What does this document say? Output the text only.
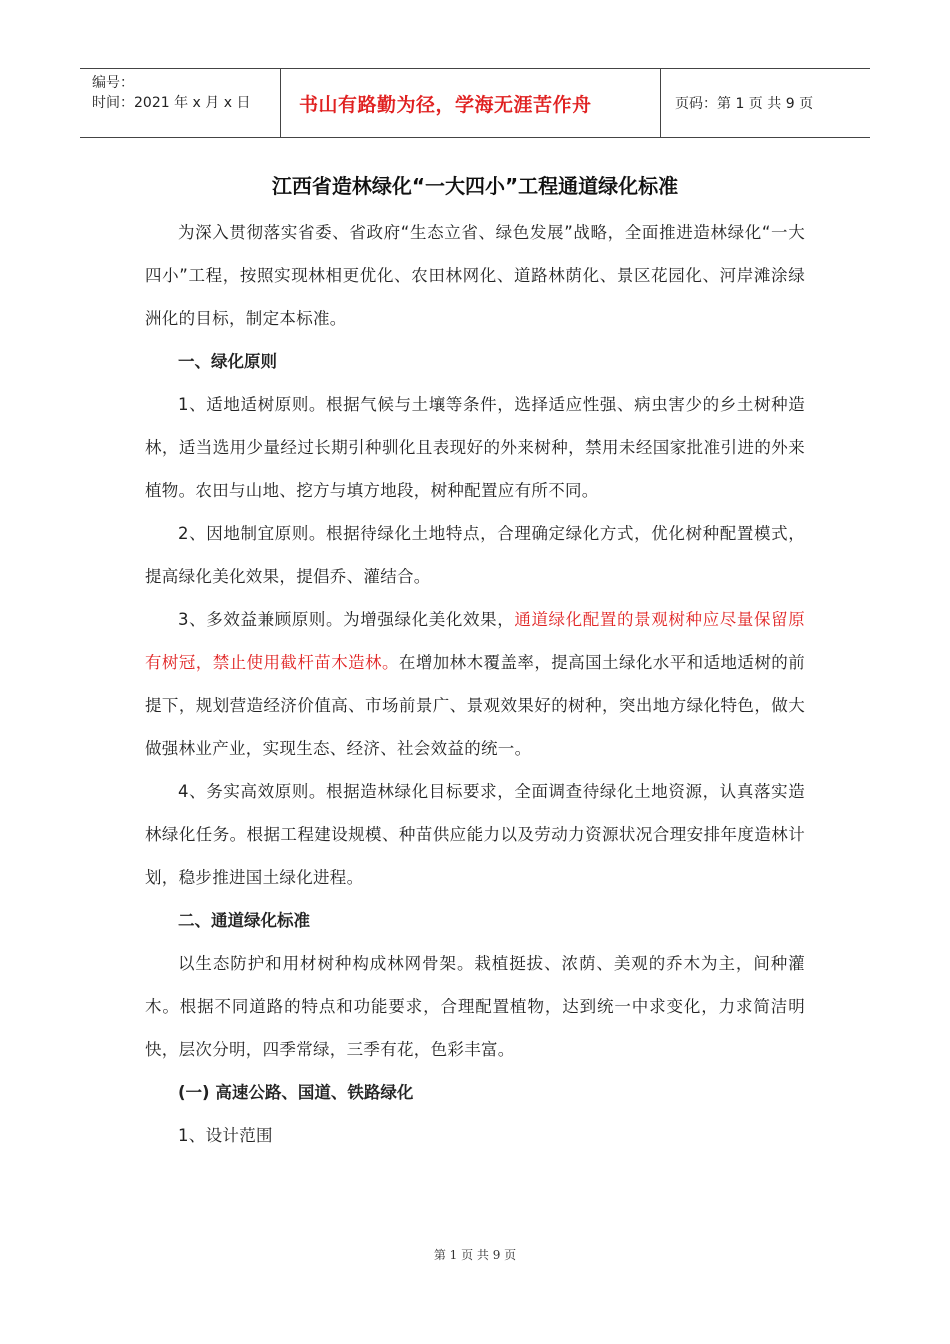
编号：
时间：2021 年 x 月 x 日	书山有路勤为径，学海无涯苦作舟	页码：第 1 页 共 9 页
江西省造林绿化“一大四小”工程通道绿化标准

为深入贯彻落实省委、省政府“生态立省、绿色发展”战略，全面推进造林绿化“一大四小”工程，按照实现林相更优化、农田林网化、道路林荫化、景区花园化、河岸滩涂绿洲化的目标，制定本标准。

一、绿化原则

1、适地适树原则。根据气候与土壤等条件，选择适应性强、病虫害少的乡土树种造林，适当选用少量经过长期引种驯化且表现好的外来树种，禁用未经国家批准引进的外来植物。农田与山地、挖方与填方地段，树种配置应有所不同。

2、因地制宜原则。根据待绿化土地特点，合理确定绿化方式，优化树种配置模式，提高绿化美化效果，提倡乔、灌结合。

3、多效益兼顾原则。为增强绿化美化效果，通道绿化配置的景观树种应尽量保留原有树冠，禁止使用截杆苗木造林。在增加林木覆盖率，提高国土绿化水平和适地适树的前提下，规划营造经济价值高、市场前景广、景观效果好的树种，突出地方绿化特色，做大做强林业产业，实现生态、经济、社会效益的统一。

4、务实高效原则。根据造林绿化目标要求，全面调查待绿化土地资源，认真落实造林绿化任务。根据工程建设规模、种苗供应能力以及劳动力资源状况合理安排年度造林计划，稳步推进国土绿化进程。

二、通道绿化标准

以生态防护和用材树种构成林网骨架。栽植挺拔、浓荫、美观的乔木为主，间种灌木。根据不同道路的特点和功能要求，合理配置植物，达到统一中求变化，力求简洁明快，层次分明，四季常绿，三季有花，色彩丰富。

(一) 高速公路、国道、铁路绿化

1、设计范围

第 1 页 共 9 页
